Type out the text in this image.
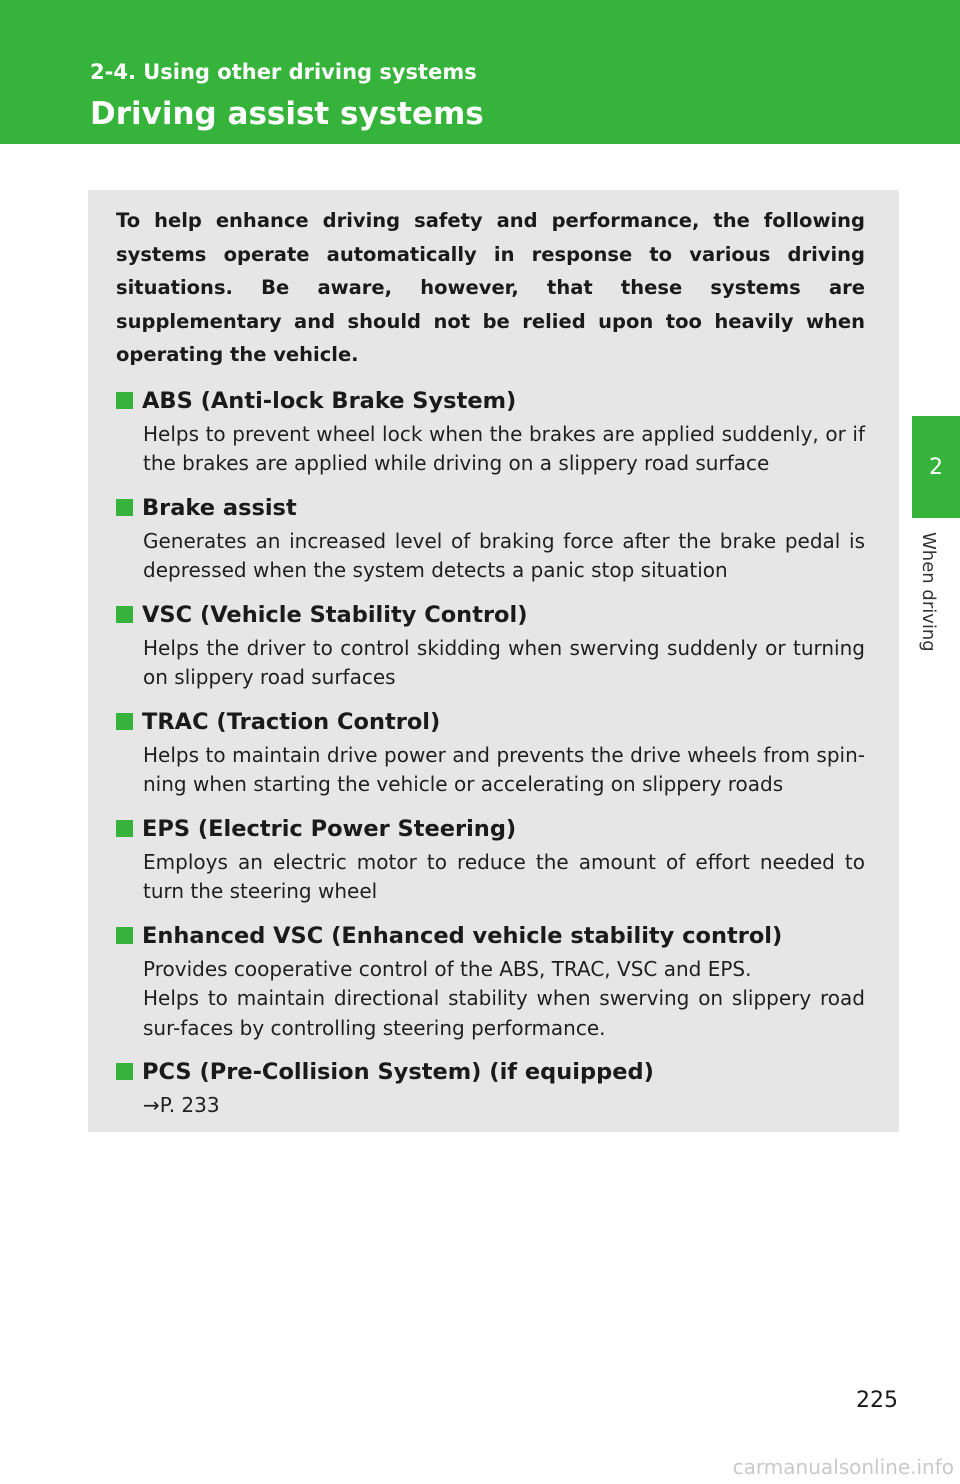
2-4. Using other driving systems
Driving assist systems
2
When driving

To help enhance driving safety and performance, the following systems operate automatically in response to various driving situations. Be aware, however, that these systems are supplementary and should not be relied upon too heavily when operating the vehicle.

ABS (Anti-lock Brake System)
Helps to prevent wheel lock when the brakes are applied suddenly, or if the brakes are applied while driving on a slippery road surface
Brake assist
Generates an increased level of braking force after the brake pedal is depressed when the system detects a panic stop situation
VSC (Vehicle Stability Control)
Helps the driver to control skidding when swerving suddenly or turning on slippery road surfaces
TRAC (Traction Control)
Helps to maintain drive power and prevents the drive wheels from spin-ning when starting the vehicle or accelerating on slippery roads
EPS (Electric Power Steering)
Employs an electric motor to reduce the amount of effort needed to turn the steering wheel
Enhanced VSC (Enhanced vehicle stability control)
Provides cooperative control of the ABS, TRAC, VSC and EPS.
Helps to maintain directional stability when swerving on slippery road sur-faces by controlling steering performance.
PCS (Pre-Collision System) (if equipped)
→P. 233
225
carmanualsonline.info
